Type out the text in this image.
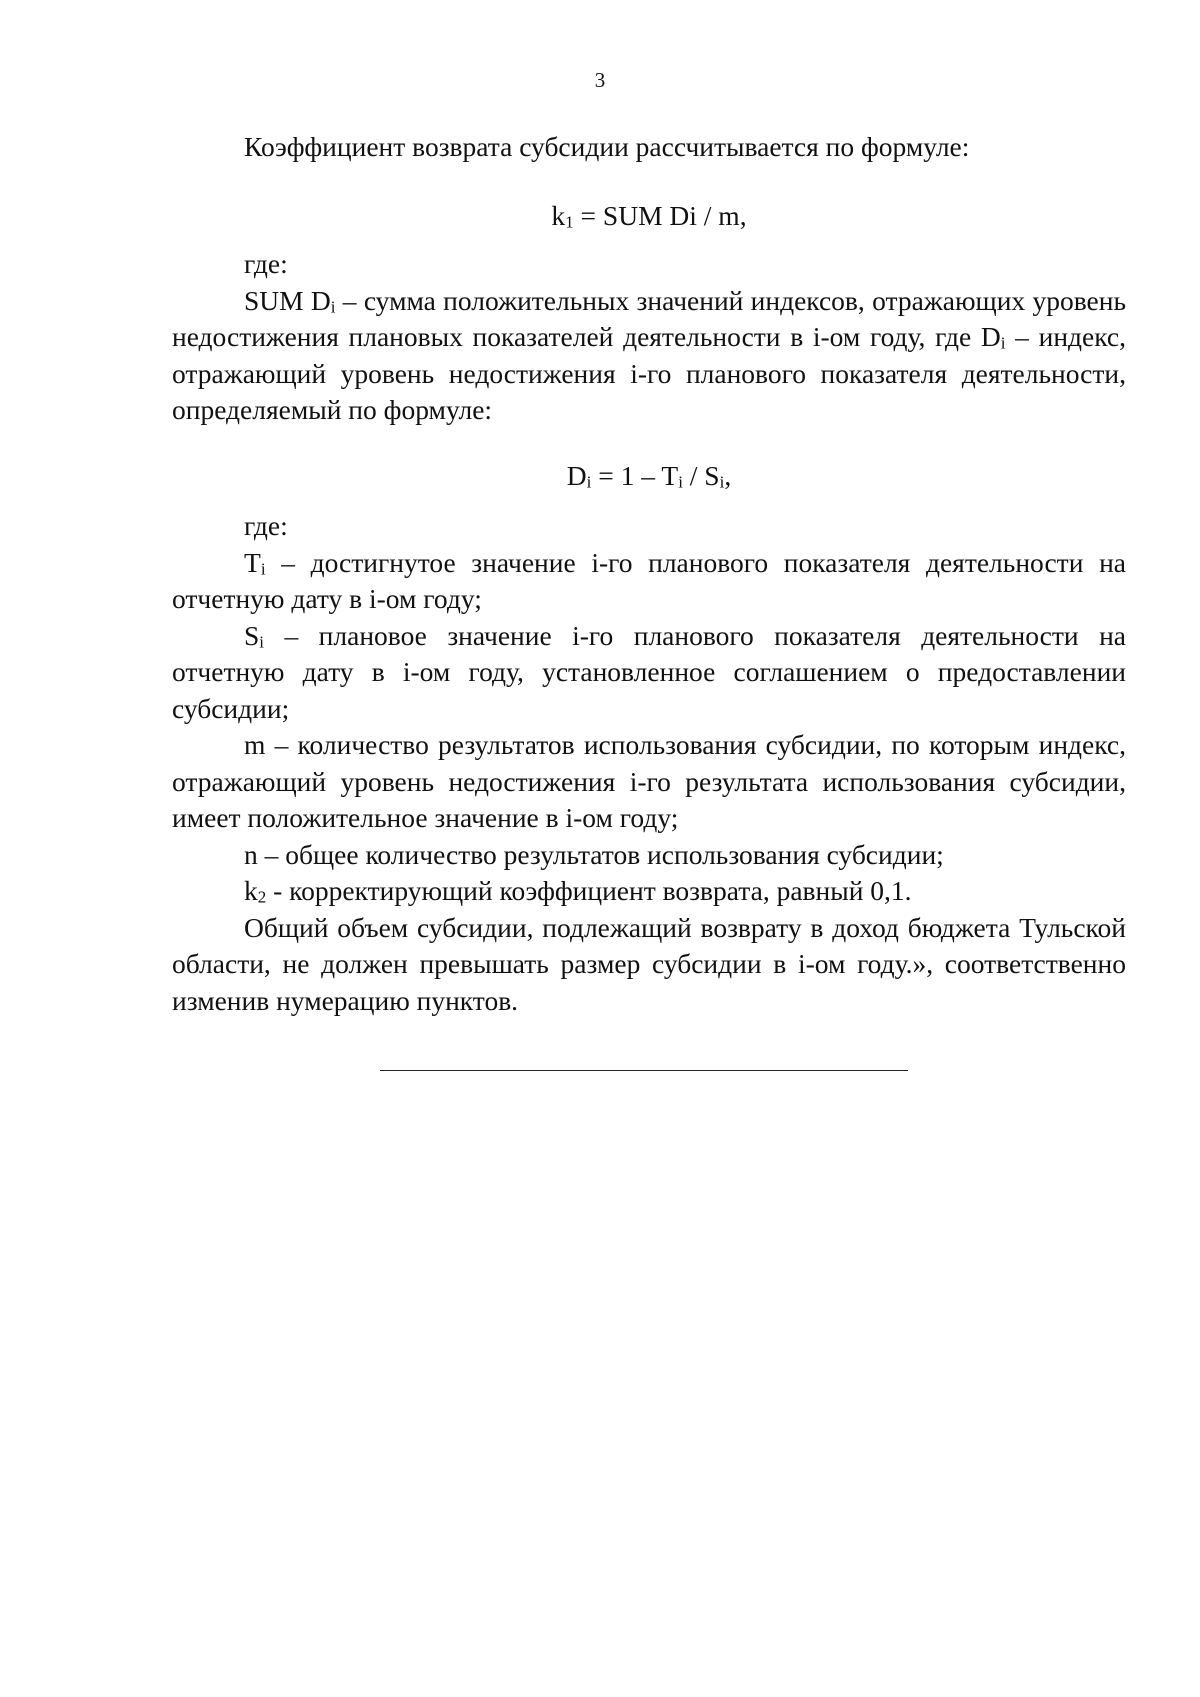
3

Коэффициент возврата субсидии рассчитывается по формуле:

$k_1$ = SUM Di / m,

где:

SUM $D_i$ – сумма положительных значений индексов, отражающих уровень недостижения плановых показателей деятельности в i-ом году, где $D_i$ – индекс, отражающий уровень недостижения i-го планового показателя деятельности, определяемый по формуле:

$D_i = 1 - T_i / S_i$,

где:

$T_i$ – достигнутое значение i-го планового показателя деятельности на отчетную дату в i-ом году;

$S_i$ – плановое значение i-го планового показателя деятельности на отчетную дату в i-ом году, установленное соглашением о предоставлении субсидии;

m – количество результатов использования субсидии, по которым индекс, отражающий уровень недостижения i-го результата использования субсидии, имеет положительное значение в i-ом году;

n – общее количество результатов использования субсидии;

$k_2$ - корректирующий коэффициент возврата, равный 0,1.

Общий объем субсидии, подлежащий возврату в доход бюджета Тульской области, не должен превышать размер субсидии в i-ом году.», соответственно изменив нумерацию пунктов.
